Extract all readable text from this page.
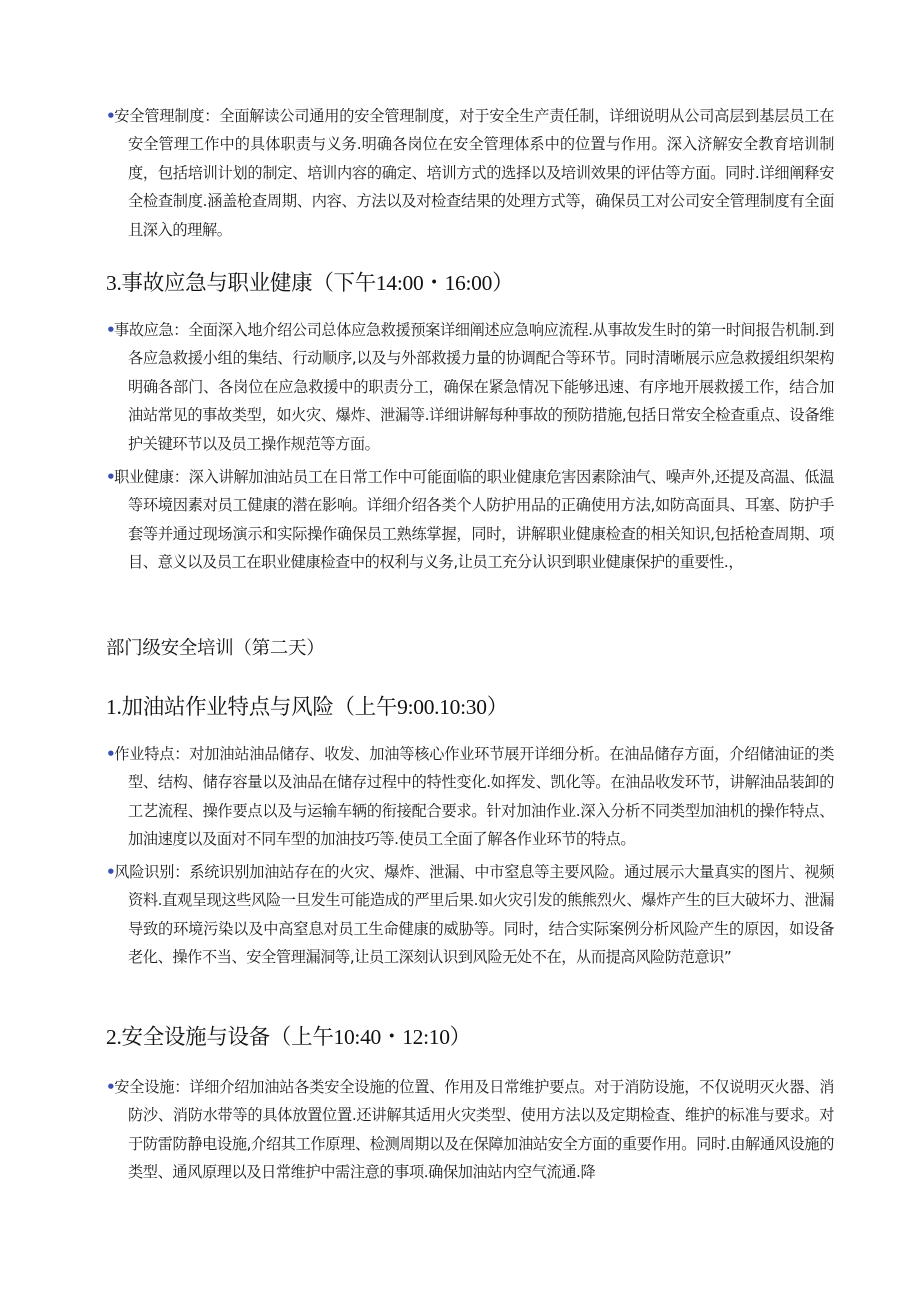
•安全管理制度：全面解读公司通用的安全管理制度，对于安全生产责任制，详细说明从公司高层到基层员工在安全管理工作中的具体职责与义务.明确各岗位在安全管理体系中的位置与作用。深入济解安全教育培训制度，包括培训计划的制定、培训内容的确定、培训方式的选择以及培训效果的评估等方面。同时.详细阐释安全检查制度.涵盖枪查周期、内容、方法以及对检查结果的处理方式等，确保员工对公司安全管理制度有全面且深入的理解。
3.事故应急与职业健康（下午14:00・16:00）
•事故应急：全面深入地介绍公司总体应急救援预案详细阐述应急响应流程.从事故发生时的第一时间报告机制.到各应急救援小组的集结、行动顺序,以及与外部救援力量的协调配合等环节。同时清晰展示应急救援组织架构明确各部门、各岗位在应急救援中的职责分工，确保在紧急情况下能够迅速、有序地开展救援工作，结合加油站常见的事故类型，如火灾、爆炸、泄漏等.详细讲解每种事故的预防措施,包括日常安全检查重点、设备维护关键环节以及员工操作规范等方面。
•职业健康：深入讲解加油站员工在日常工作中可能面临的职业健康危害因素除油气、噪声外,还提及高温、低温等环境因素对员工健康的潜在影响。详细介绍各类个人防护用品的正确使用方法,如防高面具、耳塞、防护手套等并通过现场演示和实际操作确保员工熟练掌握，同时，讲解职业健康检查的相关知识,包括枪查周期、项目、意义以及员工在职业健康检查中的权利与义务,让员工充分认识到职业健康保护的重要性.，
部门级安全培训（第二天）
1.加油站作业特点与风险（上午9:00.10:30）
•作业特点：对加油站油品储存、收发、加油等核心作业环节展开详细分析。在油品储存方面，介绍储油证的类型、结构、储存容量以及油品在储存过程中的特性变化.如挥发、凯化等。在油品收发环节，讲解油品装卸的工艺流程、操作要点以及与运输车辆的衔接配合要求。针对加油作业.深入分析不同类型加油机的操作特点、加油速度以及面对不同车型的加油技巧等.使员工全面了解各作业环节的特点。
•风险识别：系统识别加油站存在的火灾、爆炸、泄漏、中市窒息等主要风险。通过展示大量真实的图片、视频资料.直观呈现这些风险一旦发生可能造成的严里后果.如火灾引发的熊熊烈火、爆炸产生的巨大破坏力、泄漏导致的环境污染以及中高窒息对员工生命健康的威胁等。同时，结合实际案例分析风险产生的原因，如设备老化、操作不当、安全管理漏洞等,让员工深刻认识到风险无处不在，从而提高风险防范意识”
2.安全设施与设备（上午10:40・12:10）
•安全设施：详细介绍加油站各类安全设施的位置、作用及日常维护要点。对于消防设施，不仅说明灭火器、消防沙、消防水带等的具体放置位置.还讲解其适用火灾类型、使用方法以及定期检查、维护的标准与要求。对于防雷防静电设施,介绍其工作原理、检测周期以及在保障加油站安全方面的重要作用。同时.由解通风设施的类型、通风原理以及日常维护中需注意的事项.确保加油站内空气流通.降
